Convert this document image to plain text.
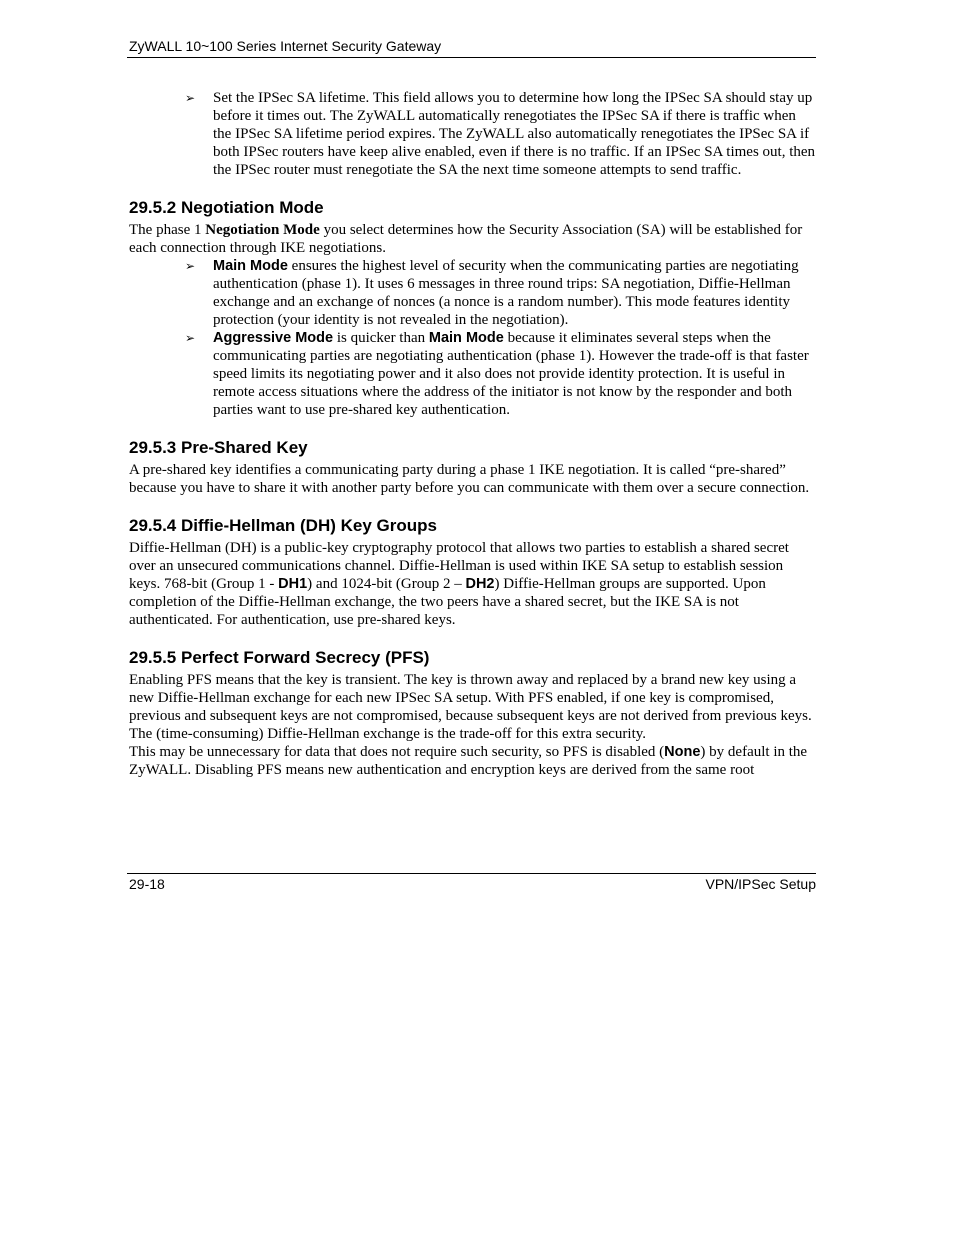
ZyWALL 10~100 Series Internet Security Gateway
➢ Set the IPSec SA lifetime. This field allows you to determine how long the IPSec SA should stay up before it times out. The ZyWALL automatically renegotiates the IPSec SA if there is traffic when the IPSec SA lifetime period expires. The ZyWALL also automatically renegotiates the IPSec SA if both IPSec routers have keep alive enabled, even if there is no traffic. If an IPSec SA times out, then the IPSec router must renegotiate the SA the next time someone attempts to send traffic.

29.5.2 Negotiation Mode

The phase 1 Negotiation Mode you select determines how the Security Association (SA) will be established for each connection through IKE negotiations.

➢ Main Mode ensures the highest level of security when the communicating parties are negotiating authentication (phase 1). It uses 6 messages in three round trips: SA negotiation, Diffie-Hellman exchange and an exchange of nonces (a nonce is a random number). This mode features identity protection (your identity is not revealed in the negotiation).

➢ Aggressive Mode is quicker than Main Mode because it eliminates several steps when the communicating parties are negotiating authentication (phase 1). However the trade-off is that faster speed limits its negotiating power and it also does not provide identity protection. It is useful in remote access situations where the address of the initiator is not know by the responder and both parties want to use pre-shared key authentication.

29.5.3 Pre-Shared Key

A pre-shared key identifies a communicating party during a phase 1 IKE negotiation. It is called “pre-shared” because you have to share it with another party before you can communicate with them over a secure connection.

29.5.4 Diffie-Hellman (DH) Key Groups

Diffie-Hellman (DH) is a public-key cryptography protocol that allows two parties to establish a shared secret over an unsecured communications channel. Diffie-Hellman is used within IKE SA setup to establish session keys. 768-bit (Group 1 - DH1) and 1024-bit (Group 2 – DH2) Diffie-Hellman groups are supported. Upon completion of the Diffie-Hellman exchange, the two peers have a shared secret, but the IKE SA is not authenticated. For authentication, use pre-shared keys.

29.5.5 Perfect Forward Secrecy (PFS)

Enabling PFS means that the key is transient. The key is thrown away and replaced by a brand new key using a new Diffie-Hellman exchange for each new IPSec SA setup. With PFS enabled, if one key is compromised, previous and subsequent keys are not compromised, because subsequent keys are not derived from previous keys. The (time-consuming) Diffie-Hellman exchange is the trade-off for this extra security.

This may be unnecessary for data that does not require such security, so PFS is disabled (None) by default in the ZyWALL. Disabling PFS means new authentication and encryption keys are derived from the same root

29-18	VPN/IPSec Setup
